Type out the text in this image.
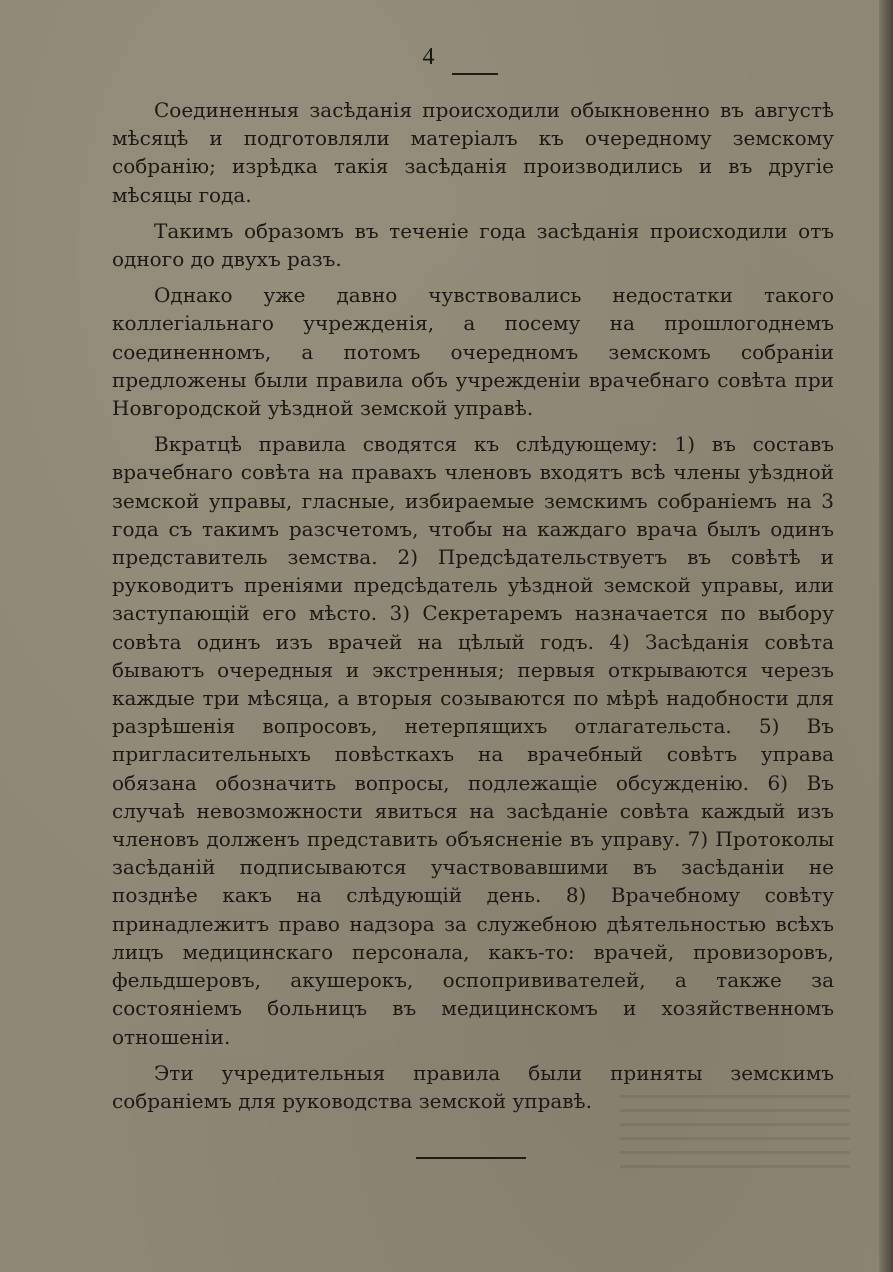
4

Соединенныя засѣданія происходили обыкновенно въ августѣ мѣсяцѣ и подготовляли матеріалъ къ очередному земскому собранію; изрѣдка такія засѣданія производились и въ другіе мѣсяцы года.

Такимъ образомъ въ теченіе года засѣданія происходили отъ одного до двухъ разъ.

Однако уже давно чувствовались недостатки такого коллегіальнаго учрежденія, а посему на прошлогоднемъ соединенномъ, а потомъ очередномъ земскомъ собраніи предложены были правила объ учрежденіи врачебнаго совѣта при Новгородской уѣздной земской управѣ.

Вкратцѣ правила сводятся къ слѣдующему: 1) въ составъ врачебнаго совѣта на правахъ членовъ входятъ всѣ члены уѣздной земской управы, гласные, избираемые земскимъ собраніемъ на 3 года съ такимъ разсчетомъ, чтобы на каждаго врача былъ одинъ представитель земства. 2) Предсѣдательствуетъ въ совѣтѣ и руководитъ преніями предсѣдатель уѣздной земской управы, или заступающій его мѣсто. 3) Секретаремъ назначается по выбору совѣта одинъ изъ врачей на цѣлый годъ. 4) Засѣданія совѣта бываютъ очередныя и экстренныя; первыя открываются черезъ каждые три мѣсяца, а вторыя созываются по мѣрѣ надобности для разрѣшенія вопросовъ, нетерпящихъ отлагательста. 5) Въ пригласительныхъ повѣсткахъ на врачебный совѣтъ управа обязана обозначить вопросы, подлежащіе обсужденію. 6) Въ случаѣ невозможности явиться на засѣданіе совѣта каждый изъ членовъ долженъ представить объясненіе въ управу. 7) Протоколы засѣданій подписываются участвовавшими въ засѣданіи не позднѣе какъ на слѣдующій день. 8) Врачебному совѣту принадлежитъ право надзора за служебною дѣятельностью всѣхъ лицъ медицинскаго персонала, какъ-то: врачей, провизоровъ, фельдшеровъ, акушерокъ, оспопрививателей, а также за состояніемъ больницъ въ медицинскомъ и хозяйственномъ отношеніи.

Эти учредительныя правила были приняты земскимъ собраніемъ для руководства земской управѣ.
